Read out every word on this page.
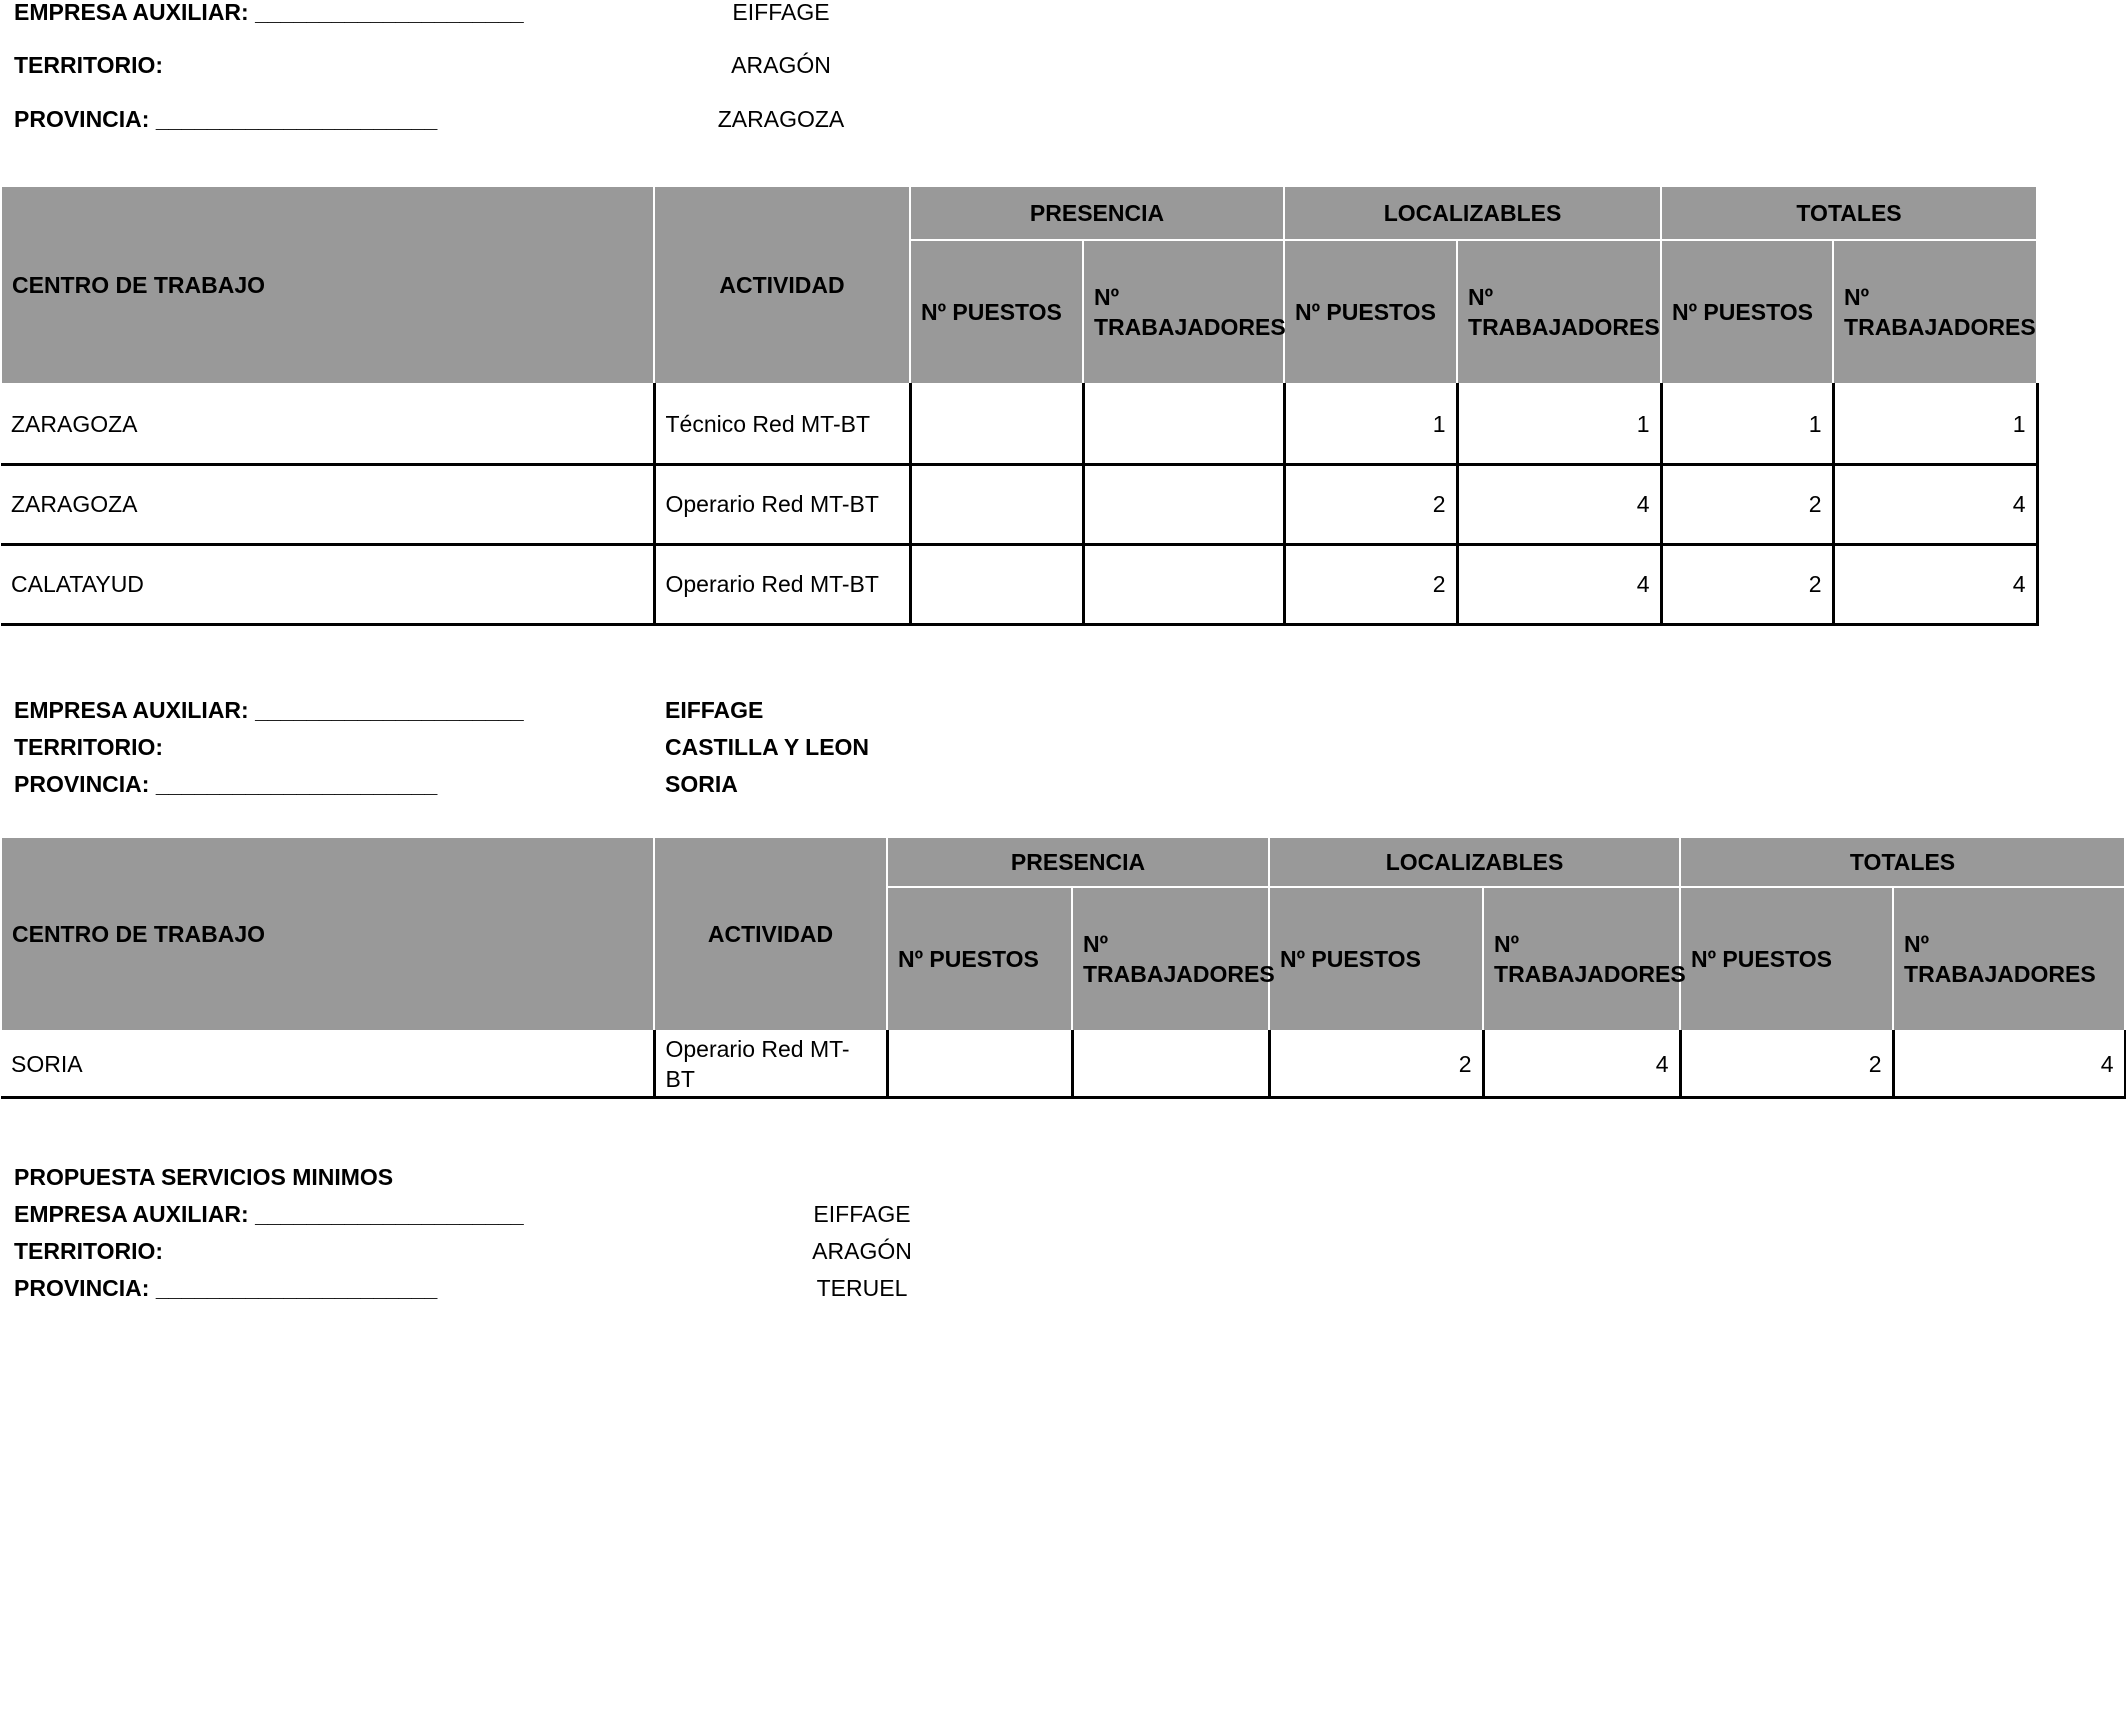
EMPRESA AUXILIAR: _____________________	EIFFAGE
TERRITORIO:	ARAGÓN
PROVINCIA: ______________________	ZARAGOZA
CENTRO DE TRABAJO	ACTIVIDAD	PRESENCIA		LOCALIZABLES		TOTALES	
		Nº PUESTOS	Nº
TRABAJADORES	Nº PUESTOS	Nº
TRABAJADORES	Nº PUESTOS	Nº
TRABAJADORES
ZARAGOZA	Técnico Red MT-BT			1	1	1	1
ZARAGOZA	Operario Red MT-BT			2	4	2	4
CALATAYUD	Operario Red MT-BT			2	4	2	4
EMPRESA AUXILIAR: _____________________	EIFFAGE
TERRITORIO:	CASTILLA Y LEON
PROVINCIA: ______________________	SORIA
CENTRO DE TRABAJO	ACTIVIDAD	PRESENCIA		LOCALIZABLES		TOTALES	
		Nº PUESTOS	Nº
TRABAJADORES	Nº PUESTOS	Nº
TRABAJADORES	Nº PUESTOS	Nº TRABAJADORES
SORIA	Operario Red MT-
BT			2	4	2	4
PROPUESTA SERVICIOS MINIMOS
EMPRESA AUXILIAR: _____________________	EIFFAGE
TERRITORIO:	ARAGÓN
PROVINCIA: ______________________	TERUEL
